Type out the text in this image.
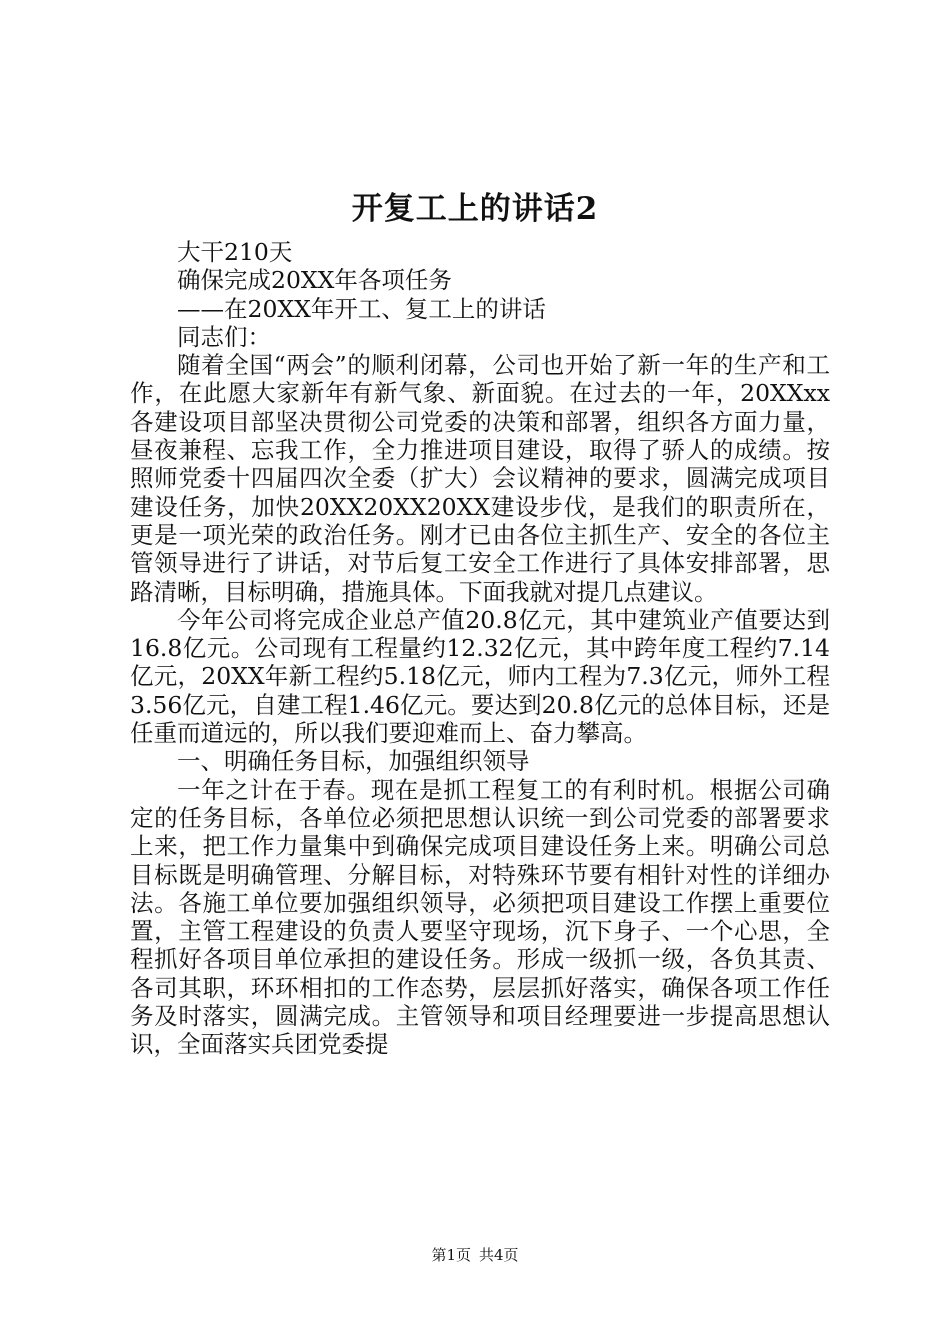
开复工上的讲话2

大干210天

确保完成20XX年各项任务

——在20XX年开工、复工上的讲话

同志们：

随着全国“两会”的顺利闭幕，公司也开始了新一年的生产和工作，在此愿大家新年有新气象、新面貌。在过去的一年，20XXxx各建设项目部坚决贯彻公司党委的决策和部署，组织各方面力量，昼夜兼程、忘我工作，全力推进项目建设，取得了骄人的成绩。按照师党委十四届四次全委（扩大）会议精神的要求，圆满完成项目建设任务，加快20XX20XX20XX建设步伐，是我们的职责所在，更是一项光荣的政治任务。刚才已由各位主抓生产、安全的各位主管领导进行了讲话，对节后复工安全工作进行了具体安排部署，思路清晰，目标明确，措施具体。下面我就对提几点建议。

今年公司将完成企业总产值20.8亿元，其中建筑业产值要达到16.8亿元。公司现有工程量约12.32亿元，其中跨年度工程约7.14亿元，20XX年新工程约5.18亿元，师内工程为7.3亿元，师外工程3.56亿元，自建工程1.46亿元。要达到20.8亿元的总体目标，还是任重而道远的，所以我们要迎难而上、奋力攀高。

一、明确任务目标，加强组织领导

一年之计在于春。现在是抓工程复工的有利时机。根据公司确定的任务目标，各单位必须把思想认识统一到公司党委的部署要求上来，把工作力量集中到确保完成项目建设任务上来。明确公司总目标既是明确管理、分解目标，对特殊环节要有相针对性的详细办法。各施工单位要加强组织领导，必须把项目建设工作摆上重要位置，主管工程建设的负责人要坚守现场，沉下身子、一个心思，全程抓好各项目单位承担的建设任务。形成一级抓一级，各负其责、各司其职，环环相扣的工作态势，层层抓好落实，确保各项工作任务及时落实，圆满完成。主管领导和项目经理要进一步提高思想认识，全面落实兵团党委提

第1页 共4页
